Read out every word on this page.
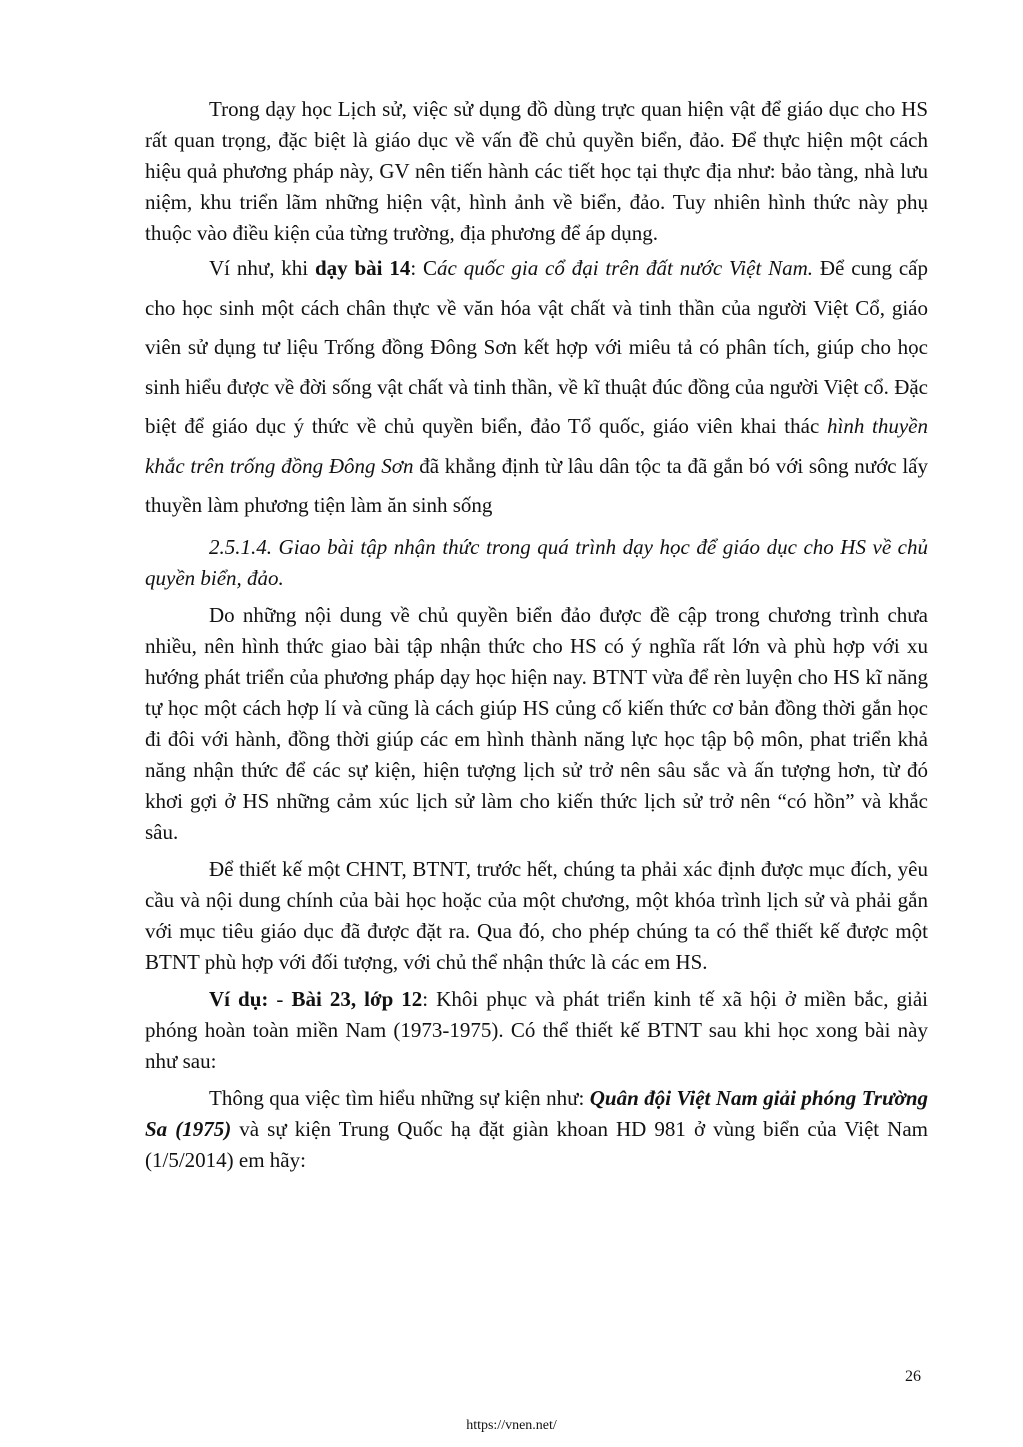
Trong dạy học Lịch sử, việc sử dụng đồ dùng trực quan hiện vật để giáo dục cho HS rất quan trọng, đặc biệt là giáo dục về vấn đề chủ quyền biển, đảo. Để thực hiện một cách hiệu quả phương pháp này, GV nên tiến hành các tiết học tại thực địa như: bảo tàng, nhà lưu niệm, khu triển lãm những hiện vật, hình ảnh về biển, đảo. Tuy nhiên hình thức này phụ thuộc vào điều kiện của từng trường, địa phương để áp dụng.

Ví như, khi dạy bài 14: Các quốc gia cổ đại trên đất nước Việt Nam. Để cung cấp cho học sinh một cách chân thực về văn hóa vật chất và tinh thần của người Việt Cổ, giáo viên sử dụng tư liệu Trống đồng Đông Sơn kết hợp với miêu tả có phân tích, giúp cho học sinh hiểu được về đời sống vật chất và tinh thần, về kĩ thuật đúc đồng của người Việt cổ. Đặc biệt để giáo dục ý thức về chủ quyền biển, đảo Tổ quốc, giáo viên khai thác hình thuyền khắc trên trống đồng Đông Sơn đã khẳng định từ lâu dân tộc ta đã gắn bó với sông nước lấy thuyền làm phương tiện làm ăn sinh sống

2.5.1.4. Giao bài tập nhận thức trong quá trình dạy học để giáo dục cho HS về chủ quyền biển, đảo.

Do những nội dung về chủ quyền biển đảo được đề cập trong chương trình chưa nhiều, nên hình thức giao bài tập nhận thức cho HS có ý nghĩa rất lớn và phù hợp với xu hướng phát triển của phương pháp dạy học hiện nay. BTNT vừa để rèn luyện cho HS kĩ năng tự học một cách hợp lí và cũng là cách giúp HS củng cố kiến thức cơ bản đồng thời gắn học đi đôi với hành, đồng thời giúp các em hình thành năng lực học tập bộ môn, phat triển khả năng nhận thức để các sự kiện, hiện tượng lịch sử trở nên sâu sắc và ấn tượng hơn, từ đó khơi gợi ở HS những cảm xúc lịch sử làm cho kiến thức lịch sử trở nên “có hồn” và khắc sâu.

Để thiết kế một CHNT, BTNT, trước hết, chúng ta phải xác định được mục đích, yêu cầu và nội dung chính của bài học hoặc của một chương, một khóa trình lịch sử và phải gắn với mục tiêu giáo dục đã được đặt ra. Qua đó, cho phép chúng ta có thể thiết kế được một BTNT phù hợp với đối tượng, với chủ thể nhận thức là các em HS.

Ví dụ: - Bài 23, lớp 12: Khôi phục và phát triển kinh tế xã hội ở miền bắc, giải phóng hoàn toàn miền Nam (1973-1975). Có thể thiết kế BTNT sau khi học xong bài này như sau:

Thông qua việc tìm hiểu những sự kiện như: Quân đội Việt Nam giải phóng Trường Sa (1975) và sự kiện Trung Quốc hạ đặt giàn khoan HD 981 ở vùng biển của Việt Nam (1/5/2014) em hãy:

26
https://vnen.net/
